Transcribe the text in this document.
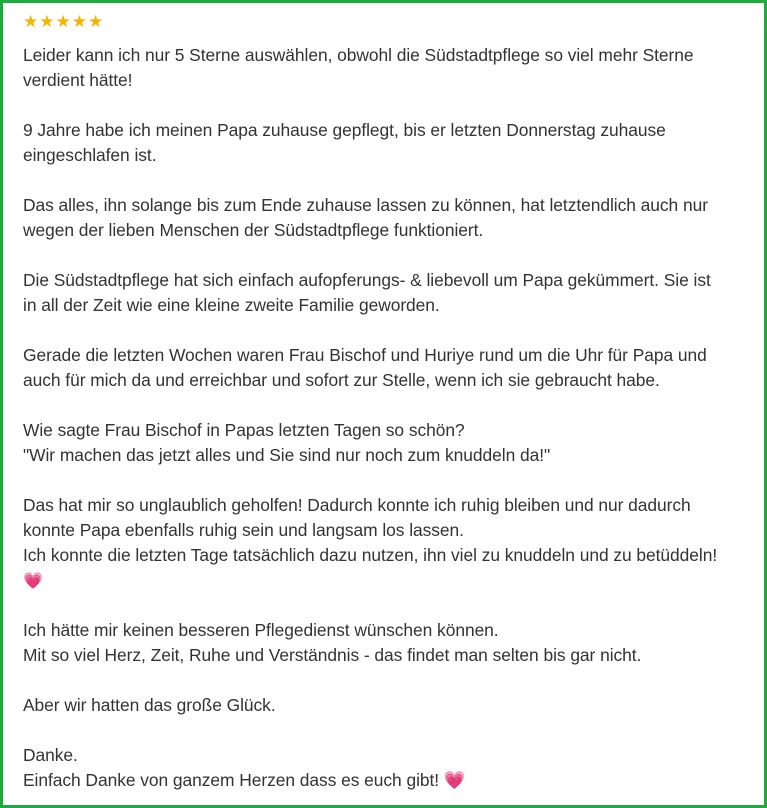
★ ★ ★ ★ ★

Leider kann ich nur 5 Sterne auswählen, obwohl die Südstadtpflege so viel mehr Sterne
verdient hätte!

9 Jahre habe ich meinen Papa zuhause gepflegt, bis er letzten Donnerstag zuhause
eingeschlafen ist.

Das alles, ihn solange bis zum Ende zuhause lassen zu können, hat letztendlich auch nur
wegen der lieben Menschen der Südstadtpflege funktioniert.

Die Südstadtpflege hat sich einfach aufopferungs- & liebevoll um Papa gekümmert. Sie ist
in all der Zeit wie eine kleine zweite Familie geworden.

Gerade die letzten Wochen waren Frau Bischof und Huriye rund um die Uhr für Papa und
auch für mich da und erreichbar und sofort zur Stelle, wenn ich sie gebraucht habe.

Wie sagte Frau Bischof in Papas letzten Tagen so schön?
"Wir machen das jetzt alles und Sie sind nur noch zum knuddeln da!"

Das hat mir so unglaublich geholfen! Dadurch konnte ich ruhig bleiben und nur dadurch
konnte Papa ebenfalls ruhig sein und langsam los lassen.
Ich konnte die letzten Tage tatsächlich dazu nutzen, ihn viel zu knuddeln und zu betüddeln!
💗

Ich hätte mir keinen besseren Pflegedienst wünschen können.
Mit so viel Herz, Zeit, Ruhe und Verständnis - das findet man selten bis gar nicht.

Aber wir hatten das große Glück.

Danke.
Einfach Danke von ganzem Herzen dass es euch gibt! 💗
